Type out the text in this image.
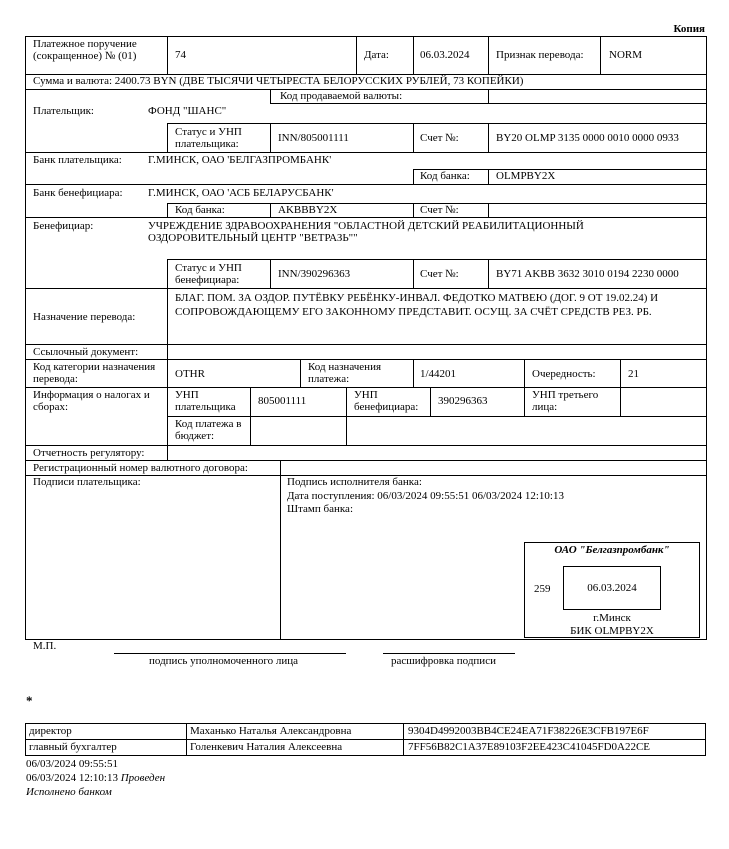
Копия
Платежное поручение (сокращенное) № (01)	74	Дата:	06.03.2024 Признак перевода: NORM
Сумма и валюта: 2400.73 BYN (ДВЕ ТЫСЯЧИ ЧЕТЫРЕСТА БЕЛОРУССКИХ РУБЛЕЙ, 73 КОПЕЙКИ)
Код продаваемой валюты:
Плательщик:	ФОНД "ШАНС"
Статус и УНП плательщика:	INN/805001111	Счет №:	BY20 OLMP 3135 0000 0010 0000 0933
Банк плательщика: Г.МИНСК, ОАО 'БЕЛГАЗПРОМБАНК'
Код банка: OLMPBY2X
Банк бенефициара: Г.МИНСК, ОАО 'АСБ БЕЛАРУСБАНК'
Код банка:	AKBBBY2X	Счет №:
Бенефициар:	УЧРЕЖДЕНИЕ ЗДРАВООХРАНЕНИЯ "ОБЛАСТНОЙ ДЕТСКИЙ РЕАБИЛИТАЦИОННЫЙ ОЗДОРОВИТЕЛЬНЫЙ ЦЕНТР "ВЕТРАЗЬ""
Статус и УНП бенефициара:	INN/390296363	Счет №:	BY71 AKBB 3632 3010 0194 2230 0000
Назначение перевода:
БЛАГ. ПОМ. ЗА ОЗДОР. ПУТЁВКУ РЕБЁНКУ-ИНВАЛ. ФЕДОТКО МАТВЕЮ (ДОГ. 9 ОТ 19.02.24) И СОПРОВОЖДАЮЩЕМУ ЕГО ЗАКОННОМУ ПРЕДСТАВИТ. ОСУЩ. ЗА СЧЁТ СРЕДСТВ РЕЗ. РБ.
Ссылочный документ:
Код категории назначения перевода:	OTHR
Код назначения платежа:	1/44201	Очередность:	21
Информация о налогах и сборах:
УНП плательщика	805001111	УНП бенефициара:	390296363	УНП третьего лица:
Код платежа в бюджет:
Отчетность регулятору:
Регистрационный номер валютного договора:
Подписи плательщика:	Подпись исполнителя банка:
Дата поступления: 06/03/2024 09:55:51 06/03/2024 12:10:13
Штамп банка:
ОАО "Белгазпромбанк"
259	06.03.2024
г.Минск
БИК OLMPBY2X
М.П.
подпись уполномоченного лица	расшифровка подписи
*
директор	Маханько Наталья Александровна	9304D4992003BB4CE24EA71F38226E3CFB197E6F
главный бухгалтер	Голенкевич Наталия Алексеевна	7FF56B82C1A37E89103F2EE423C41045FD0A22CE
06/03/2024 09:55:51
06/03/2024 12:10:13 Проведен
Исполнено банком
